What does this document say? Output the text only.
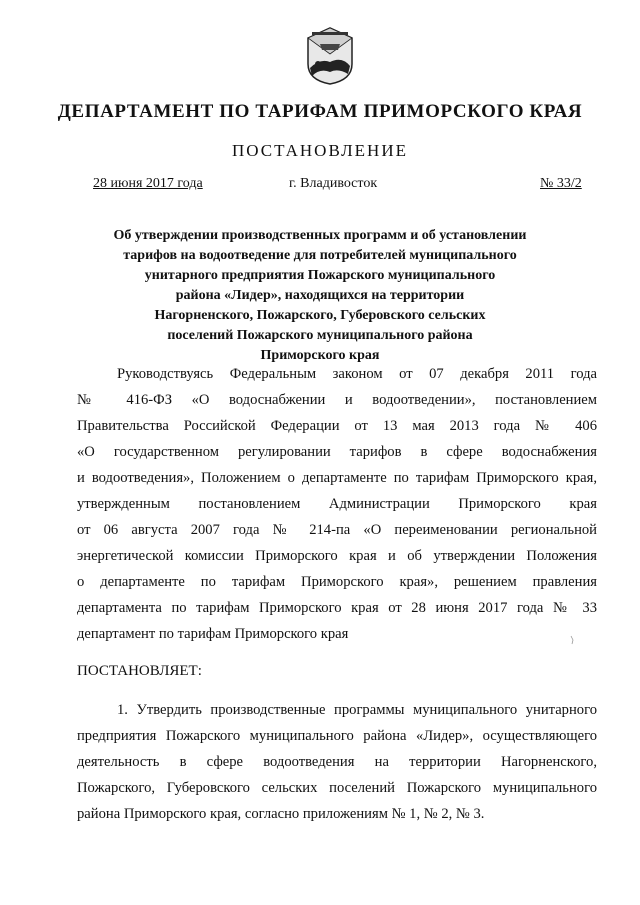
ДЕПАРТАМЕНТ ПО ТАРИФАМ ПРИМОРСКОГО КРАЯ
ПОСТАНОВЛЕНИЕ
28 июня 2017 года	г. Владивосток	№ 33/2
Об утверждении производственных программ и об установлении
тарифов на водоотведение для потребителей муниципального
унитарного предприятия Пожарского муниципального
района «Лидер», находящихся на территории
Нагорненского, Пожарского, Губеровского сельских
поселений Пожарского муниципального района
Приморского края
Руководствуясь Федеральным законом от 07 декабря 2011 года
№ 416-ФЗ «О водоснабжении и водоотведении», постановлением
Правительства Российской Федерации от 13 мая 2013 года № 406
«О государственном регулировании тарифов в сфере водоснабжения
и водоотведения», Положением о департаменте по тарифам Приморского края,
утвержденным постановлением Администрации Приморского края
от 06 августа 2007 года № 214-па «О переименовании региональной
энергетической комиссии Приморского края и об утверждении Положения
о департаменте по тарифам Приморского края», решением правления
департамента по тарифам Приморского края от 28 июня 2017 года № 33
департамент по тарифам Приморского края
ПОСТАНОВЛЯЕТ:
1. Утвердить производственные программы муниципального унитарного
предприятия Пожарского муниципального района «Лидер», осуществляющего
деятельность в сфере водоотведения на территории Нагорненского,
Пожарского, Губеровского сельских поселений Пожарского муниципального
района Приморского края, согласно приложениям № 1, № 2, № 3.
